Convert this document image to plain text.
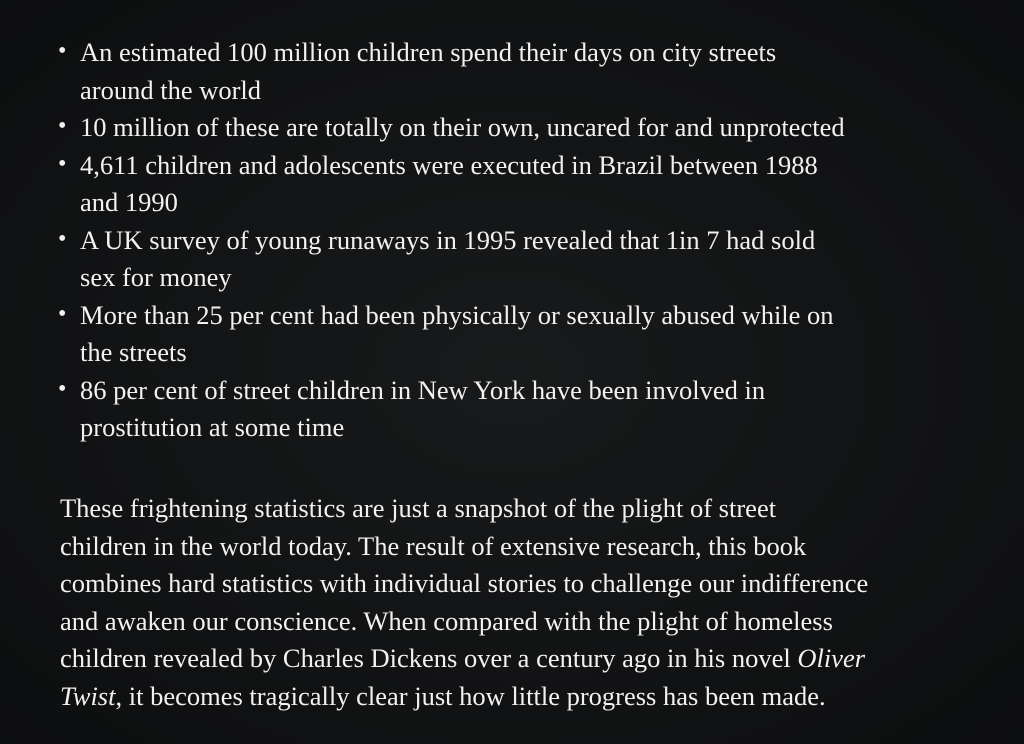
• An estimated 100 million children spend their days on city streets
around the world
• 10 million of these are totally on their own, uncared for and unprotected
• 4,611 children and adolescents were executed in Brazil between 1988
and 1990
• A UK survey of young runaways in 1995 revealed that 1in 7 had sold
sex for money
• More than 25 per cent had been physically or sexually abused while on
the streets
• 86 per cent of street children in New York have been involved in
prostitution at some time

These frightening statistics are just a snapshot of the plight of street
children in the world today. The result of extensive research, this book
combines hard statistics with individual stories to challenge our indifference
and awaken our conscience. When compared with the plight of homeless
children revealed by Charles Dickens over a century ago in his novel Oliver
Twist, it becomes tragically clear just how little progress has been made.
